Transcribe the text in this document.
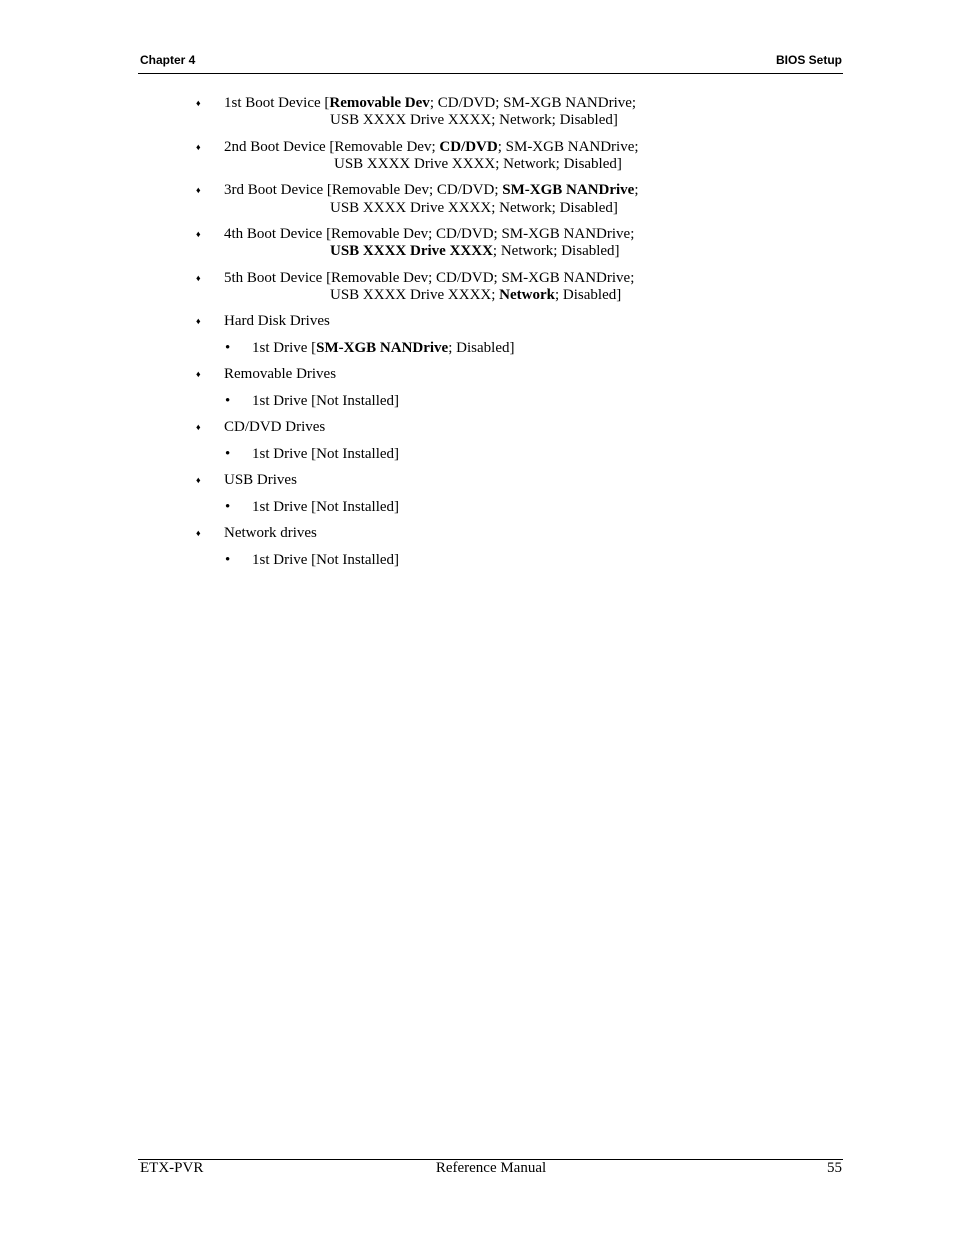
Chapter 4	BIOS Setup
♦ 1st Boot Device [Removable Dev; CD/DVD; SM-XGB NANDrive;
USB XXXX Drive XXXX; Network; Disabled]
♦ 2nd Boot Device [Removable Dev; CD/DVD; SM-XGB NANDrive;
USB XXXX Drive XXXX; Network; Disabled]
♦ 3rd Boot Device [Removable Dev; CD/DVD; SM-XGB NANDrive;
USB XXXX Drive XXXX; Network; Disabled]
♦ 4th Boot Device [Removable Dev; CD/DVD; SM-XGB NANDrive;
USB XXXX Drive XXXX; Network; Disabled]
♦ 5th Boot Device [Removable Dev; CD/DVD; SM-XGB NANDrive;
USB XXXX Drive XXXX; Network; Disabled]
♦ Hard Disk Drives
• 1st Drive [SM-XGB NANDrive; Disabled]
♦ Removable Drives
• 1st Drive [Not Installed]
♦ CD/DVD Drives
• 1st Drive [Not Installed]
♦ USB Drives
• 1st Drive [Not Installed]
♦ Network drives
• 1st Drive [Not Installed]
ETX-PVR	Reference Manual	55
